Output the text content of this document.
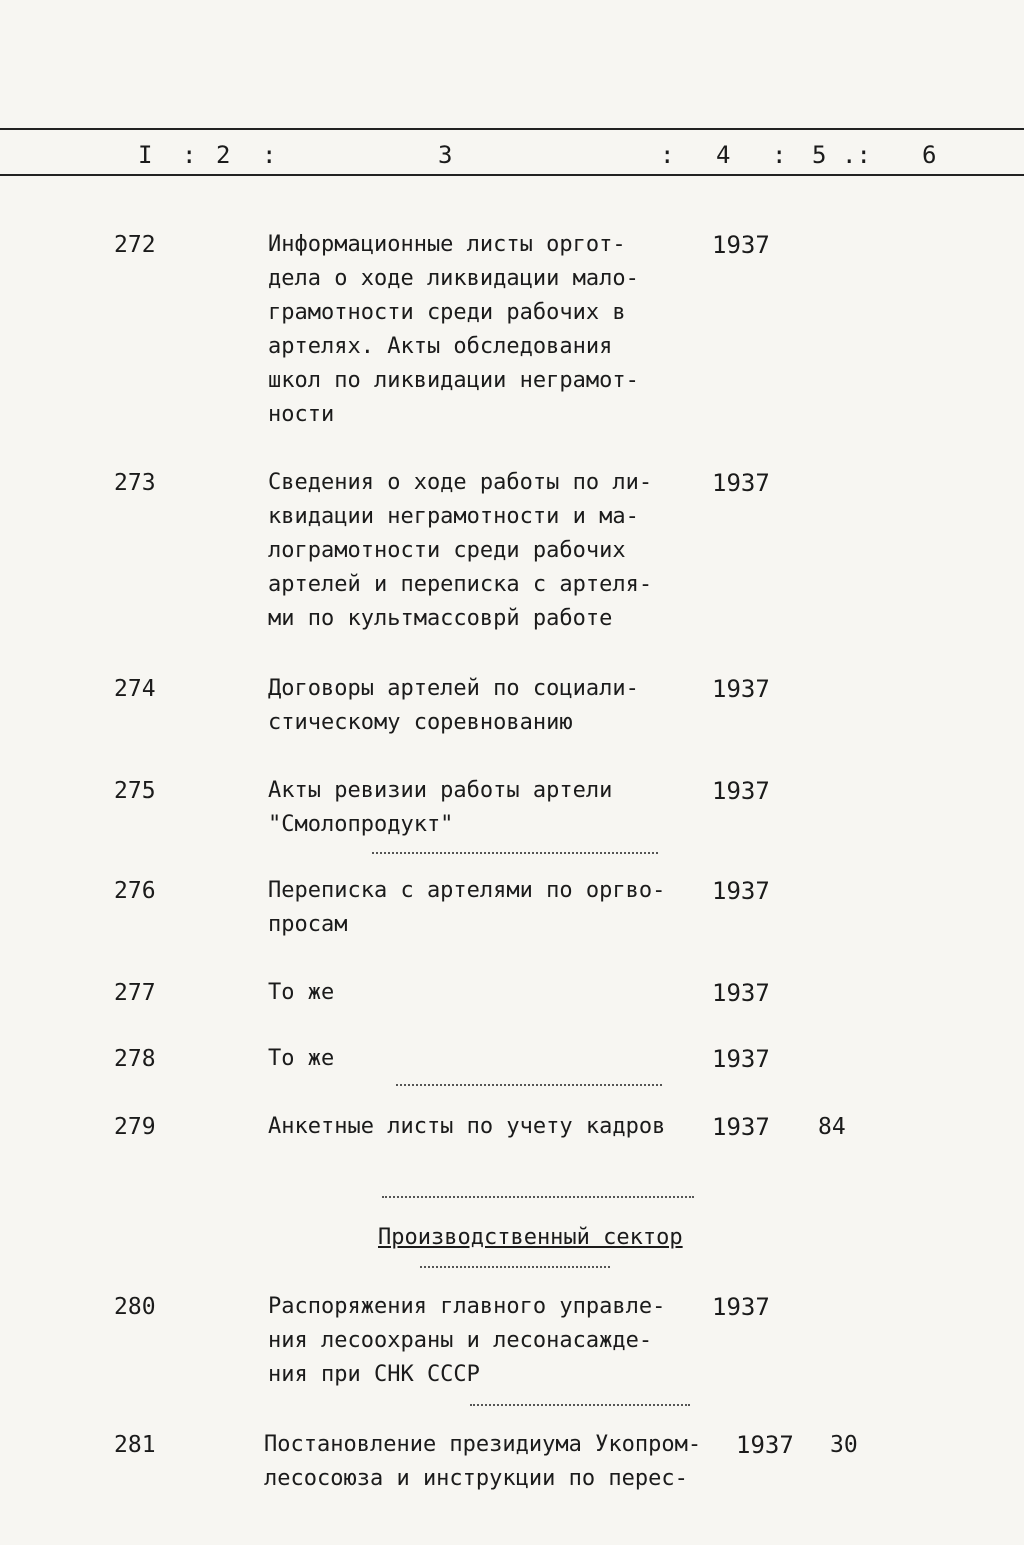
I : 2 :	3	: 4 : 5 .: 6
272	Информационные листы оргот-
дела о ходе ликвидации мало-
грамотности среди рабочих в
артелях. Акты обследования
школ по ликвидации неграмот-
ности
1937
273	Сведения о ходе работы по ли-
квидации неграмотности и ма-
лограмотности среди рабочих
артелей и переписка с артеля-
ми по культмассоврй работе
1937
274	Договоры артелей по социали-
стическому соревнованию
1937
275	Акты ревизии работы артели
"Смолопродукт"
1937
276	Переписка с артелями по оргво-
просам
1937
277	То же	1937
278	То же	1937
279	Анкетные листы по учету кадров	1937 84
Производственный сектор
280	Распоряжения главного управле-
ния лесоохраны и лесонасажде-
ния при СНК СССР
1937
281	Постановление президиума Укопром-
лесосоюза и инструкции по перес-
1937 30
